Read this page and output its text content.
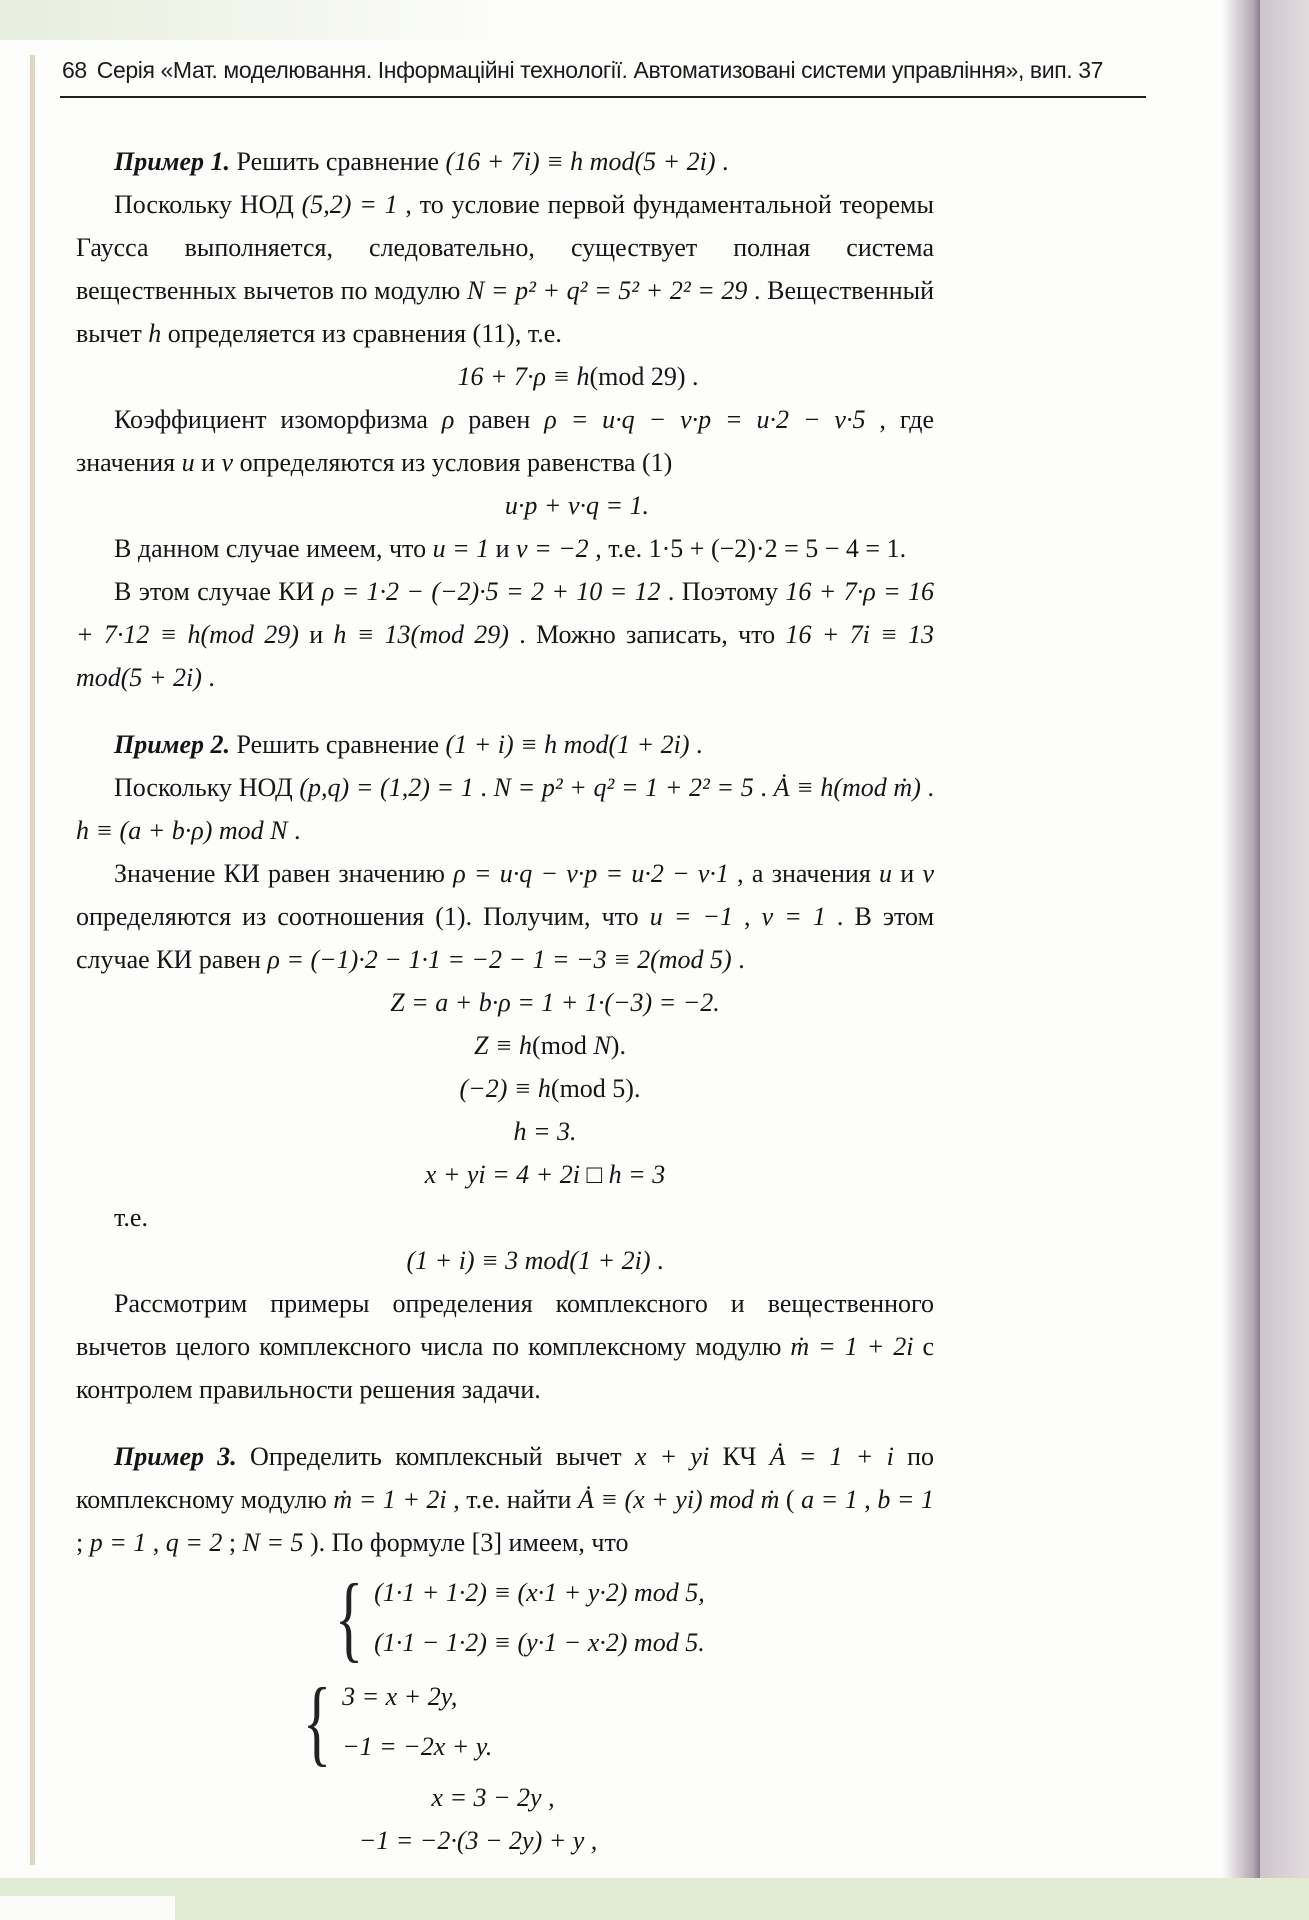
68 Серія «Мат. моделювання. Інформаційні технології. Автоматизовані системи управління», вип. 37

Пример 1. Решить сравнение (16 + 7i) ≡ h mod(5 + 2i) .

Поскольку НОД (5,2) = 1 , то условие первой фундаментальной теоремы Гаусса выполняется, следовательно, существует полная система вещественных вычетов по модулю N = p² + q² = 5² + 2² = 29 . Вещественный вычет h определяется из сравнения (11), т.е.

16 + 7·ρ ≡ h(mod 29) .

Коэффициент изоморфизма ρ равен ρ = u·q − v·p = u·2 − v·5 , где значения u и v определяются из условия равенства (1)

u·p + v·q = 1.

В данном случае имеем, что u = 1 и v = −2 , т.е. 1·5 + (−2)·2 = 5 − 4 = 1.

В этом случае КИ ρ = 1·2 − (−2)·5 = 2 + 10 = 12 . Поэтому 16 + 7·ρ = 16 + 7·12 ≡ h(mod 29) и h ≡ 13(mod 29) . Можно записать, что 16 + 7i ≡ 13 mod(5 + 2i) .

Пример 2. Решить сравнение (1 + i) ≡ h mod(1 + 2i) .

Поскольку НОД (p,q) = (1,2) = 1 . N = p² + q² = 1 + 2² = 5 . Ȧ ≡ h(mod ṁ) . h ≡ (a + b·ρ) mod N .

Значение КИ равен значению ρ = u·q − v·p = u·2 − v·1 , а значения u и v определяются из соотношения (1). Получим, что u = −1 , v = 1 . В этом случае КИ равен ρ = (−1)·2 − 1·1 = −2 − 1 = −3 ≡ 2(mod 5) .

Z = a + b·ρ = 1 + 1·(−3) = −2.
Z ≡ h(mod N).
(−2) ≡ h(mod 5).
h = 3.
x + yi = 4 + 2i □ h = 3

т.е.

(1 + i) ≡ 3 mod(1 + 2i) .

Рассмотрим примеры определения комплексного и вещественного вычетов целого комплексного числа по комплексному модулю ṁ = 1 + 2i с контролем правильности решения задачи.

Пример 3. Определить комплексный вычет x + yi КЧ Ȧ = 1 + i по комплексному модулю ṁ = 1 + 2i , т.е. найти Ȧ ≡ (x + yi) mod ṁ ( a = 1 , b = 1 ; p = 1 , q = 2 ; N = 5 ). По формуле [3] имеем, что

{ (1·1 + 1·2) ≡ (x·1 + y·2) mod 5,
(1·1 − 1·2) ≡ (y·1 − x·2) mod 5.
{ 3 = x + 2y,
−1 = −2x + y.
x = 3 − 2y ,
−1 = −2·(3 − 2y) + y ,
